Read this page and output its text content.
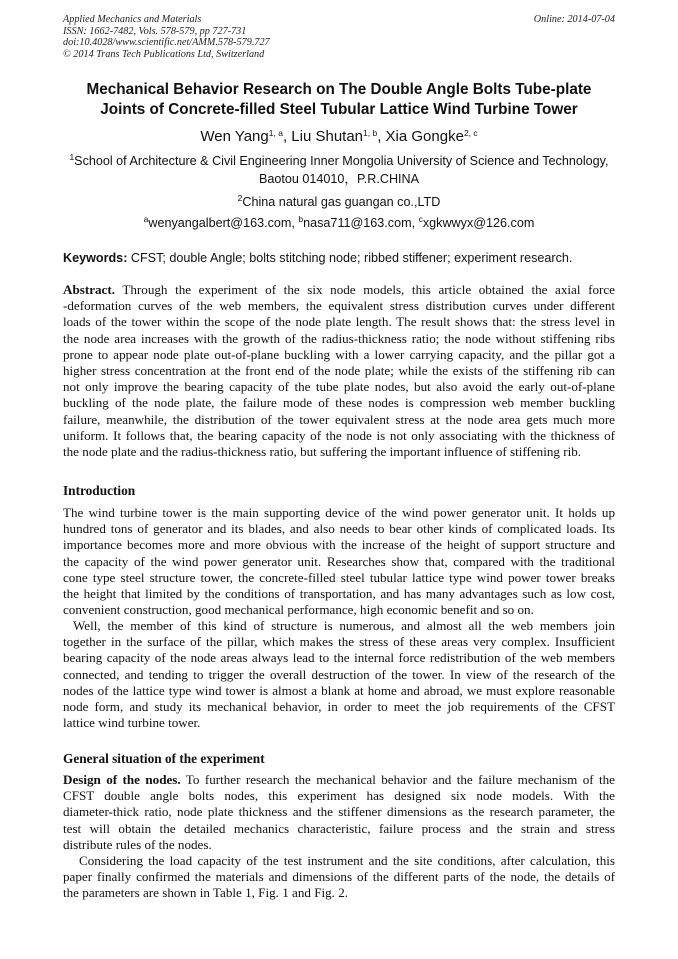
Applied Mechanics and Materials
ISSN: 1662-7482, Vols. 578-579, pp 727-731
doi:10.4028/www.scientific.net/AMM.578-579.727
© 2014 Trans Tech Publications Ltd, Switzerland
Online: 2014-07-04
Mechanical Behavior Research on The Double Angle Bolts Tube-plate
Joints of Concrete-filled Steel Tubular Lattice Wind Turbine Tower
Wen Yang$^{1, a}$, Liu Shutan$^{1, b}$, Xia Gongke$^{2, c}$
$^1$School of Architecture & Civil Engineering Inner Mongolia University of Science and Technology,
Baotou 014010，P.R.CHINA
$^2$China natural gas guangan co.,LTD
$^a$wenyangalbert@163.com, $^b$nasa711@163.com, $^c$xgkwwyx@126.com
Keywords: CFST; double Angle; bolts stitching node; ribbed stiffener; experiment research.
Abstract. Through the experiment of the six node models, this article obtained the axial force
-deformation curves of the web members, the equivalent stress distribution curves under different
loads of the tower within the scope of the node plate length. The result shows that: the stress level in
the node area increases with the growth of the radius-thickness ratio; the node without stiffening ribs
prone to appear node plate out-of-plane buckling with a lower carrying capacity, and the pillar got a
higher stress concentration at the front end of the node plate; while the exists of the stiffening rib can
not only improve the bearing capacity of the tube plate nodes, but also avoid the early out-of-plane
buckling of the node plate, the failure mode of these nodes is compression web member buckling
failure, meanwhile, the distribution of the tower equivalent stress at the node area gets much more
uniform. It follows that, the bearing capacity of the node is not only associating with the thickness of
the node plate and the radius-thickness ratio, but suffering the important influence of stiffening rib.
Introduction
The wind turbine tower is the main supporting device of the wind power generator unit. It holds up
hundred tons of generator and its blades, and also needs to bear other kinds of complicated loads. Its
importance becomes more and more obvious with the increase of the height of support structure and
the capacity of the wind power generator unit. Researches show that, compared with the traditional
cone type steel structure tower, the concrete-filled steel tubular lattice type wind power tower breaks
the height that limited by the conditions of transportation, and has many advantages such as low cost,
convenient construction, good mechanical performance, high economic benefit and so on.
Well, the member of this kind of structure is numerous, and almost all the web members join
together in the surface of the pillar, which makes the stress of these areas very complex. Insufficient
bearing capacity of the node areas always lead to the internal force redistribution of the web members
connected, and tending to trigger the overall destruction of the tower. In view of the research of the
nodes of the lattice type wind tower is almost a blank at home and abroad, we must explore reasonable
node form, and study its mechanical behavior, in order to meet the job requirements of the CFST
lattice wind turbine tower.
General situation of the experiment
Design of the nodes. To further research the mechanical behavior and the failure mechanism of the
CFST double angle bolts nodes, this experiment has designed six node models. With the
diameter-thick ratio, node plate thickness and the stiffener dimensions as the research parameter, the
test will obtain the detailed mechanics characteristic, failure process and the strain and stress
distribute rules of the nodes.
Considering the load capacity of the test instrument and the site conditions, after calculation, this
paper finally confirmed the materials and dimensions of the different parts of the node, the details of
the parameters are shown in Table 1, Fig. 1 and Fig. 2.
